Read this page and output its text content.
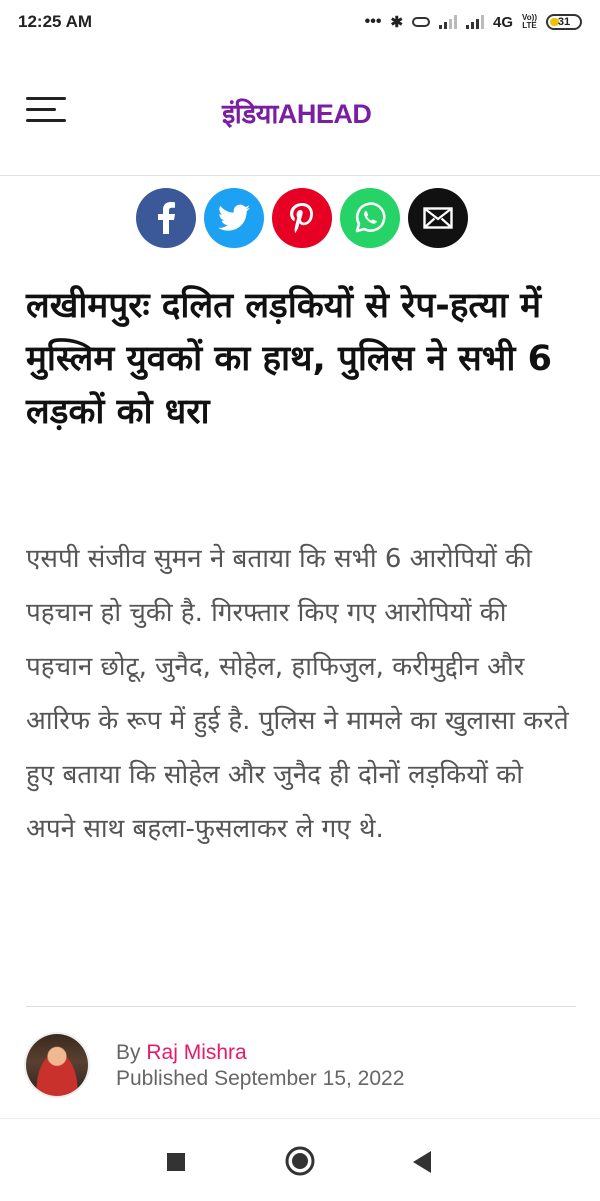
12:25 AM	••• ✱	4G Vo))
LTE 31
इंडियाAHEAD
लखीमपुरः दलित लड़कियों से रेप-हत्या में मुस्लिम युवकों का हाथ, पुलिस ने सभी 6 लड़कों को धरा

एसपी संजीव सुमन ने बताया कि सभी 6 आरोपियों की पहचान हो चुकी है. गिरफ्तार किए गए आरोपियों की पहचान छोटू, जुनैद, सोहेल, हाफिजुल, करीमुद्दीन और आरिफ के रूप में हुई है. पुलिस ने मामले का खुलासा करते हुए बताया कि सोहेल और जुनैद ही दोनों लड़कियों को अपने साथ बहला-फुसलाकर ले गए थे.

By Raj Mishra
Published September 15, 2022
